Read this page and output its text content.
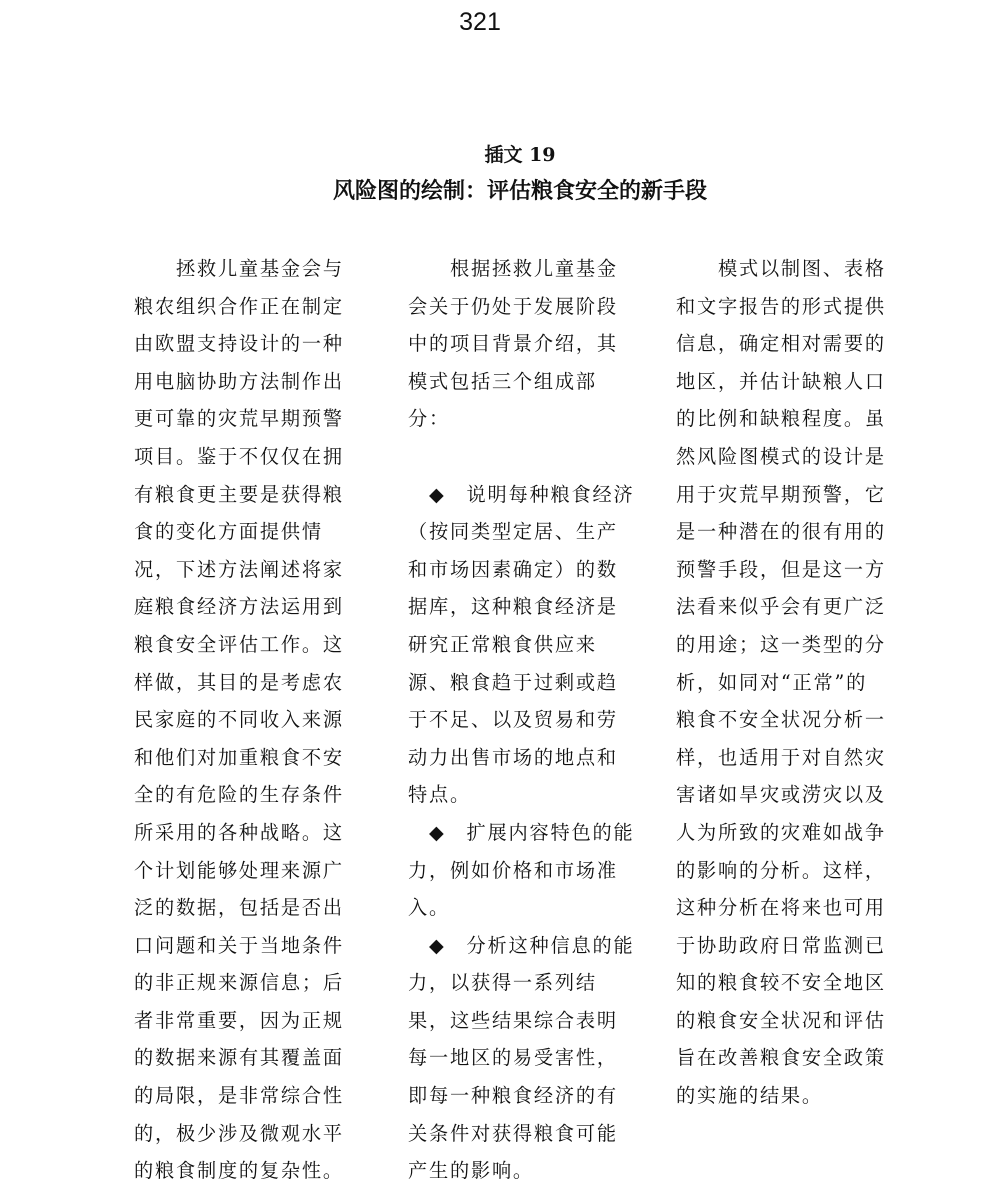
321
插文 19
风险图的绘制：评估粮食安全的新手段
　　拯救儿童基金会与
粮农组织合作正在制定
由欧盟支持设计的一种
用电脑协助方法制作出
更可靠的灾荒早期预警
项目。鉴于不仅仅在拥
有粮食更主要是获得粮
食的变化方面提供情
况，下述方法阐述将家
庭粮食经济方法运用到
粮食安全评估工作。这
样做，其目的是考虑农
民家庭的不同收入来源
和他们对加重粮食不安
全的有危险的生存条件
所采用的各种战略。这
个计划能够处理来源广
泛的数据，包括是否出
口问题和关于当地条件
的非正规来源信息；后
者非常重要，因为正规
的数据来源有其覆盖面
的局限，是非常综合性
的，极少涉及微观水平
的粮食制度的复杂性。
　　根据拯救儿童基金
会关于仍处于发展阶段
中的项目背景介绍，其
模式包括三个组成部
分：
　◆　说明每种粮食经济
（按同类型定居、生产
和市场因素确定）的数
据库，这种粮食经济是
研究正常粮食供应来
源、粮食趋于过剩或趋
于不足、以及贸易和劳
动力出售市场的地点和
特点。
　◆　扩展内容特色的能
力，例如价格和市场准
入。
　◆　分析这种信息的能
力，以获得一系列结
果，这些结果综合表明
每一地区的易受害性，
即每一种粮食经济的有
关条件对获得粮食可能
产生的影响。
　　模式以制图、表格
和文字报告的形式提供
信息，确定相对需要的
地区，并估计缺粮人口
的比例和缺粮程度。虽
然风险图模式的设计是
用于灾荒早期预警，它
是一种潜在的很有用的
预警手段，但是这一方
法看来似乎会有更广泛
的用途；这一类型的分
析，如同对“正常”的
粮食不安全状况分析一
样，也适用于对自然灾
害诸如旱灾或涝灾以及
人为所致的灾难如战争
的影响的分析。这样，
这种分析在将来也可用
于协助政府日常监测已
知的粮食较不安全地区
的粮食安全状况和评估
旨在改善粮食安全政策
的实施的结果。
